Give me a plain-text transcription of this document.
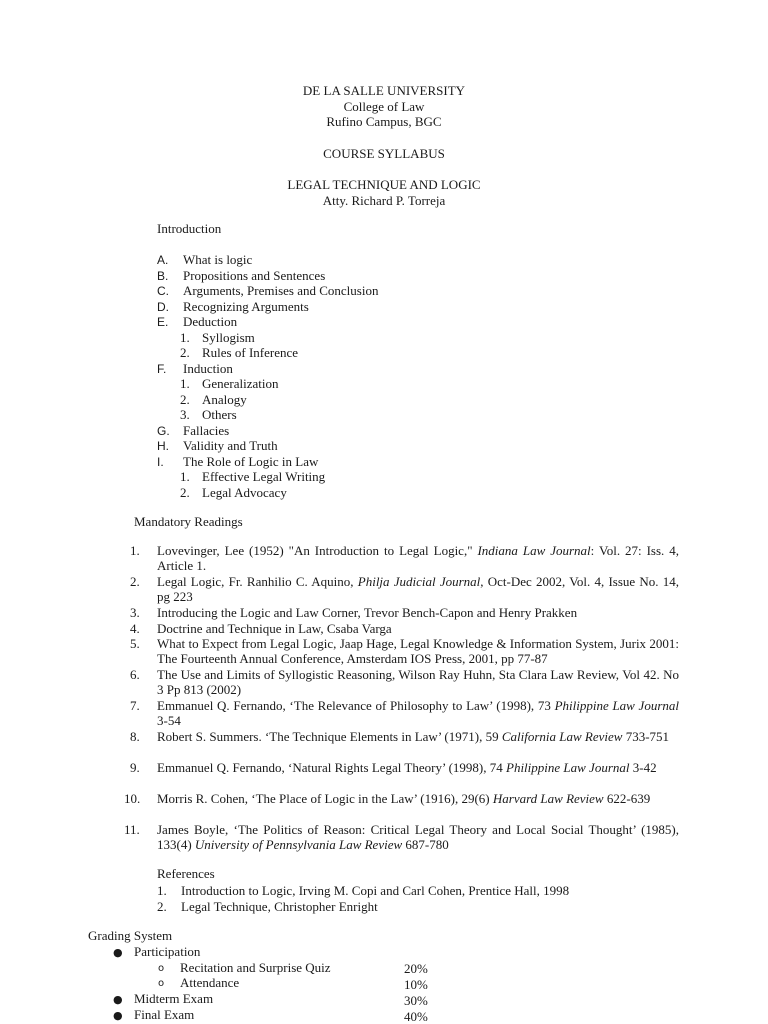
DE LA SALLE UNIVERSITY
College of Law
Rufino Campus, BGC
COURSE SYLLABUS
LEGAL TECHNIQUE AND LOGIC
Atty. Richard P. Torreja
Introduction
A. What is logic
B. Propositions and Sentences
C. Arguments, Premises and Conclusion
D. Recognizing Arguments
E. Deduction
1. Syllogism
2. Rules of Inference
F. Induction
1. Generalization
2. Analogy
3. Others
G. Fallacies
H. Validity and Truth
I. The Role of Logic in Law
1. Effective Legal Writing
2. Legal Advocacy
Mandatory Readings
1.	Lovevinger, Lee (1952) "An Introduction to Legal Logic," Indiana Law Journal: Vol. 27: Iss. 4, Article 1.
2.	Legal Logic, Fr. Ranhilio C. Aquino, Philja Judicial Journal, Oct-Dec 2002, Vol. 4, Issue No. 14, pg 223
3.	Introducing the Logic and Law Corner, Trevor Bench-Capon and Henry Prakken
4.	Doctrine and Technique in Law, Csaba Varga
5.	What to Expect from Legal Logic, Jaap Hage, Legal Knowledge & Information System, Jurix 2001: The Fourteenth Annual Conference, Amsterdam IOS Press, 2001, pp 77-87
6.	The Use and Limits of Syllogistic Reasoning, Wilson Ray Huhn, Sta Clara Law Review, Vol 42. No 3 Pp 813 (2002)
7.	Emmanuel Q. Fernando, ‘The Relevance of Philosophy to Law’ (1998), 73 Philippine Law Journal 3-54
8.	Robert S. Summers. ‘The Technique Elements in Law’ (1971), 59 California Law Review 733-751
9.	Emmanuel Q. Fernando, ‘Natural Rights Legal Theory’ (1998), 74 Philippine Law Journal 3-42
10.	Morris R. Cohen, ‘The Place of Logic in the Law’ (1916), 29(6) Harvard Law Review 622-639
11.	James Boyle, ‘The Politics of Reason: Critical Legal Theory and Local Social Thought’ (1985), 133(4) University of Pennsylvania Law Review 687-780
References
1. Introduction to Logic, Irving M. Copi and Carl Cohen, Prentice Hall, 1998
2. Legal Technique, Christopher Enright
Grading System
● Participation
o Recitation and Surprise Quiz	20%
o Attendance	10%
● Midterm Exam	30%
● Final Exam	40%
